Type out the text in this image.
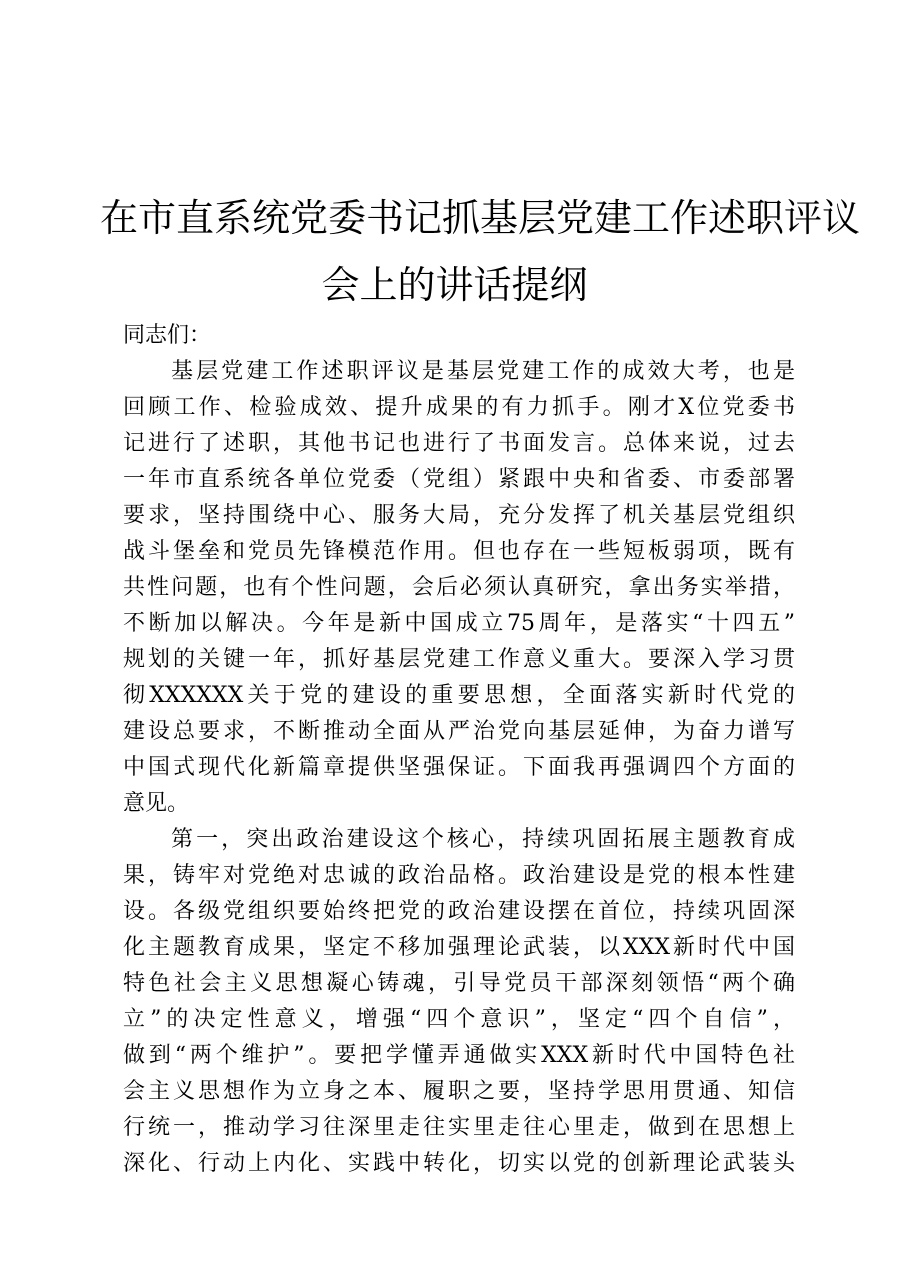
在市直系统党委书记抓基层党建工作述职评议
会上的讲话提纲
同志们：
基层党建工作述职评议是基层党建工作的成效大考，也是
回顾工作、检验成效、提升成果的有力抓手。刚才X位党委书
记进行了述职，其他书记也进行了书面发言。总体来说，过去
一年市直系统各单位党委（党组）紧跟中央和省委、市委部署
要求，坚持围绕中心、服务大局，充分发挥了机关基层党组织
战斗堡垒和党员先锋模范作用。但也存在一些短板弱项，既有
共性问题，也有个性问题，会后必须认真研究，拿出务实举措，
不断加以解决。今年是新中国成立75周年，是落实“十四五”
规划的关键一年，抓好基层党建工作意义重大。要深入学习贯
彻XXXXXX关于党的建设的重要思想，全面落实新时代党的
建设总要求，不断推动全面从严治党向基层延伸，为奋力谱写
中国式现代化新篇章提供坚强保证。下面我再强调四个方面的
意见。
第一，突出政治建设这个核心，持续巩固拓展主题教育成
果，铸牢对党绝对忠诚的政治品格。政治建设是党的根本性建
设。各级党组织要始终把党的政治建设摆在首位，持续巩固深
化主题教育成果，坚定不移加强理论武装，以XXX新时代中国
特色社会主义思想凝心铸魂，引导党员干部深刻领悟“两个确
立”的决定性意义，增强“四个意识”，坚定“四个自信”，
做到“两个维护”。要把学懂弄通做实XXX新时代中国特色社
会主义思想作为立身之本、履职之要，坚持学思用贯通、知信
行统一，推动学习往深里走往实里走往心里走，做到在思想上
深化、行动上内化、实践中转化，切实以党的创新理论武装头
